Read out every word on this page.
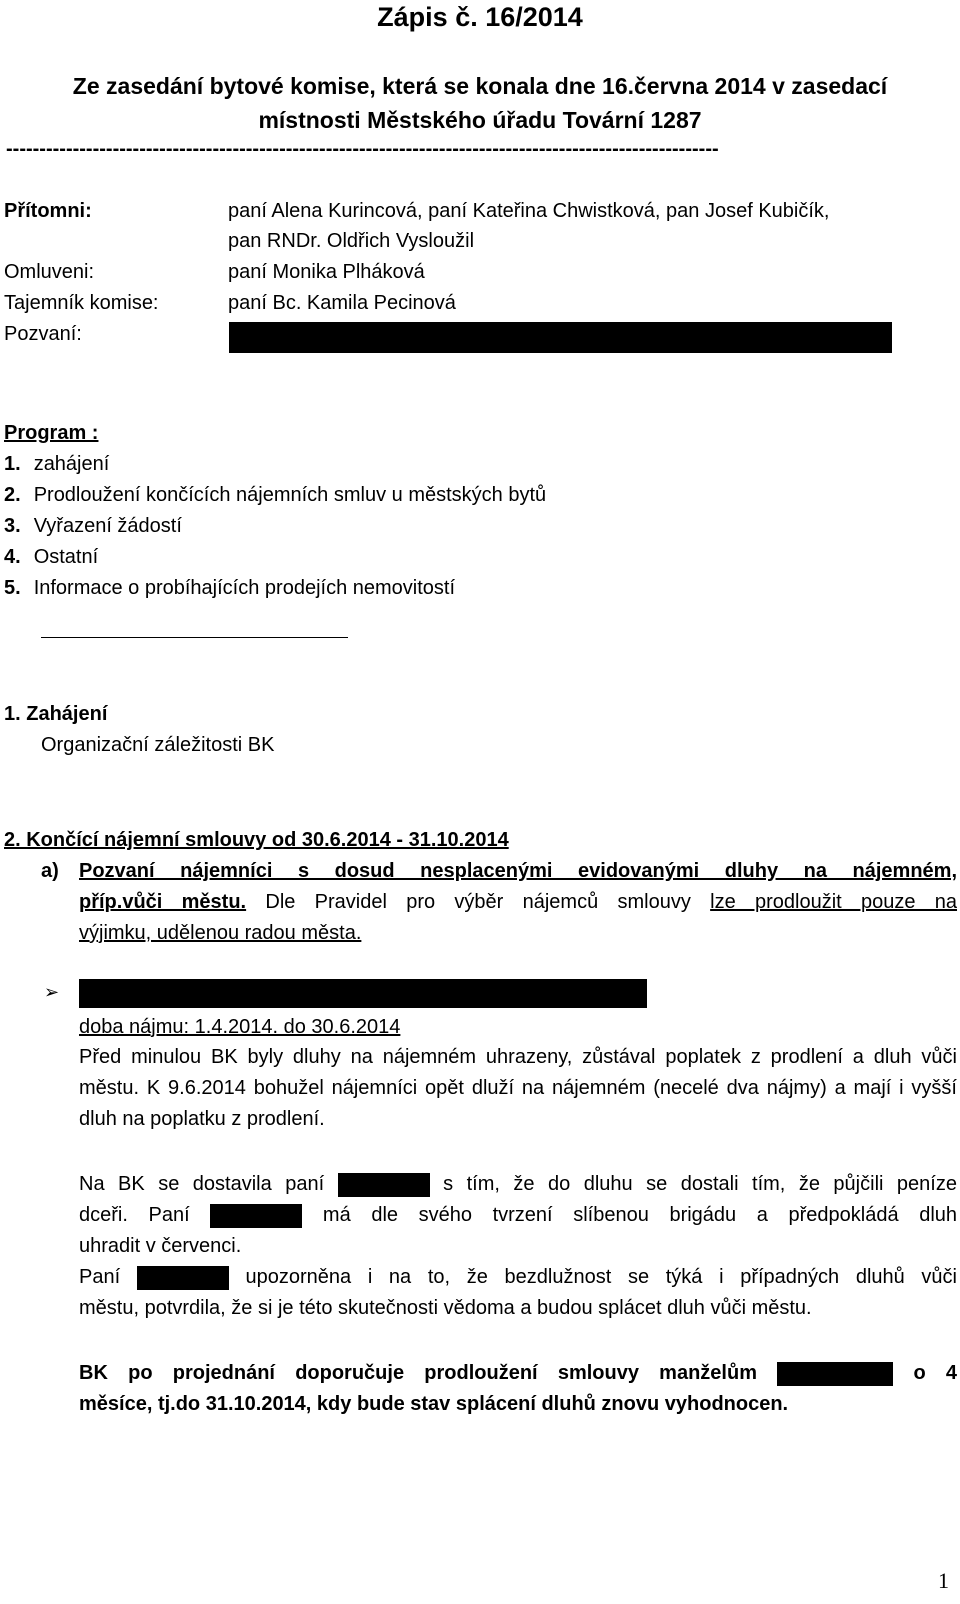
Zápis č. 16/2014
Ze zasedání bytové komise, která se konala dne 16.června 2014 v zasedací
místnosti Městského úřadu Tovární 1287
-----------------------------------------------------------------------------------------------------------
Přítomni:	paní Alena Kurincová, paní Kateřina Chwistková, pan Josef Kubičík,
pan RNDr. Oldřich Vysloužil
Omluveni:	paní Monika Plháková
Tajemník komise:	paní Bc. Kamila Pecinová
Pozvaní:
Program :
1. zahájení
2. Prodloužení končících nájemních smluv u městských bytů
3. Vyřazení žádostí
4. Ostatní
5. Informace o probíhajících prodejích nemovitostí
1. Zahájení
Organizační záležitosti BK
2. Končící nájemní smlouvy od 30.6.2014 - 31.10.2014
a) Pozvaní nájemníci s dosud nesplacenými evidovanými dluhy na nájemném,
příp.vůči městu. Dle Pravidel pro výběr nájemců smlouvy lze prodloužit pouze na
výjimku, udělenou radou města.
➢
doba nájmu: 1.4.2014. do 30.6.2014
Před minulou BK byly dluhy na nájemném uhrazeny, zůstával poplatek z prodlení a dluh vůči městu. K 9.6.2014 bohužel nájemníci opět dluží na nájemném (necelé dva nájmy) a mají i vyšší dluh na poplatku z prodlení.
Na BK se dostavila paní	s tím, že do dluhu se dostali tím, že půjčili peníze
dceři. Paní	má dle svého tvrzení slíbenou brigádu a předpokládá dluh
uhradit v červenci.
Paní	upozorněna i na to, že bezdlužnost se týká i případných dluhů vůči
městu, potvrdila, že si je této skutečnosti vědoma a budou splácet dluh vůči městu.
BK po projednání doporučuje prodloužení smlouvy manželům	o 4
měsíce, tj.do 31.10.2014, kdy bude stav splácení dluhů znovu vyhodnocen.
1
